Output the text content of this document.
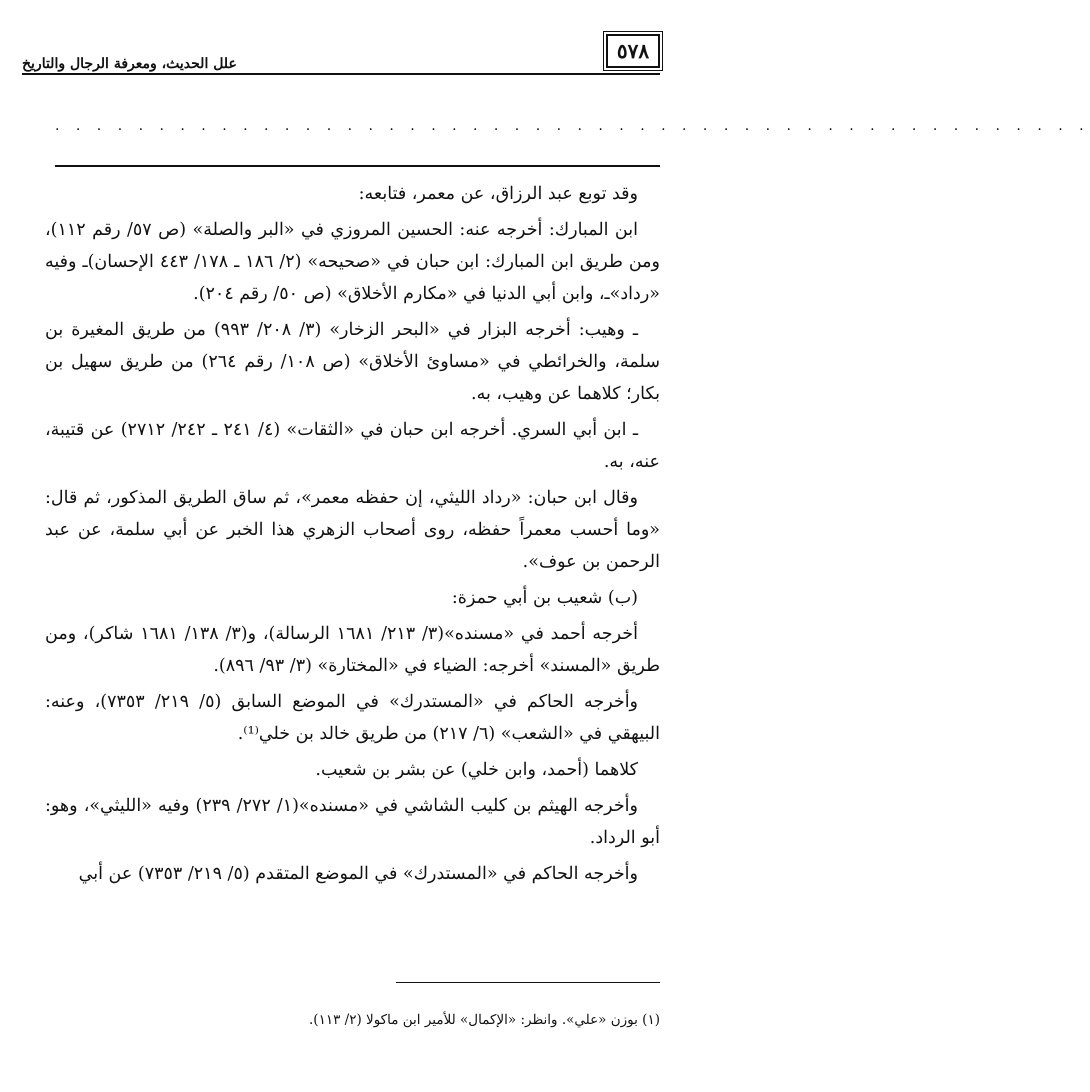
٥٧٨
علل الحديث، ومعرفة الرجال والتاريخ
. . . . . . . . . . . . . . . . . . . . . . . . . . . . . . . . . . . . . . . . . . . . . . . . . .

وقد توبع عبد الرزاق، عن معمر، فتابعه:

ابن المبارك: أخرجه عنه: الحسين المروزي في «البر والصلة» (ص ٥٧/ رقم ١١٢)، ومن طريق ابن المبارك: ابن حبان في «صحيحه» (٢/ ١٨٦ ـ ١٧٨/ ٤٤٣ الإحسان)ـ وفيه «رداد»ـ، وابن أبي الدنيا في «مكارم الأخلاق» (ص ٥٠/ رقم ٢٠٤).

ـ وهيب: أخرجه البزار في «البحر الزخار» (٣/ ٢٠٨/ ٩٩٣) من طريق المغيرة بن سلمة، والخرائطي في «مساوئ الأخلاق» (ص ١٠٨/ رقم ٢٦٤) من طريق سهيل بن بكار؛ كلاهما عن وهيب، به.

ـ ابن أبي السري. أخرجه ابن حبان في «الثقات» (٤/ ٢٤١ ـ ٢٤٢/ ٢٧١٢) عن قتيبة، عنه، به.

وقال ابن حبان: «رداد الليثي، إن حفظه معمر»، ثم ساق الطريق المذكور، ثم قال: «وما أحسب معمراً حفظه، روى أصحاب الزهري هذا الخبر عن أبي سلمة، عن عبد الرحمن بن عوف».

(ب) شعيب بن أبي حمزة:

أخرجه أحمد في «مسنده»(٣/ ٢١٣/ ١٦٨١ الرسالة)، و(٣/ ١٣٨/ ١٦٨١ شاكر)، ومن طريق «المسند» أخرجه: الضياء في «المختارة» (٣/ ٩٣/ ٨٩٦).

وأخرجه الحاكم في «المستدرك» في الموضع السابق (٥/ ٢١٩/ ٧٣٥٣)، وعنه: البيهقي في «الشعب» (٦/ ٢١٧) من طريق خالد بن خلي⁽¹⁾.

كلاهما (أحمد، وابن خلي) عن بشر بن شعيب.

وأخرجه الهيثم بن كليب الشاشي في «مسنده»(١/ ٢٧٢/ ٢٣٩) وفيه «الليثي»، وهو: أبو الرداد.

وأخرجه الحاكم في «المستدرك» في الموضع المتقدم (٥/ ٢١٩/ ٧٣٥٣) عن أبي

(١) بوزن «علي». وانظر: «الإكمال» للأمير ابن ماكولا (٢/ ١١٣).
